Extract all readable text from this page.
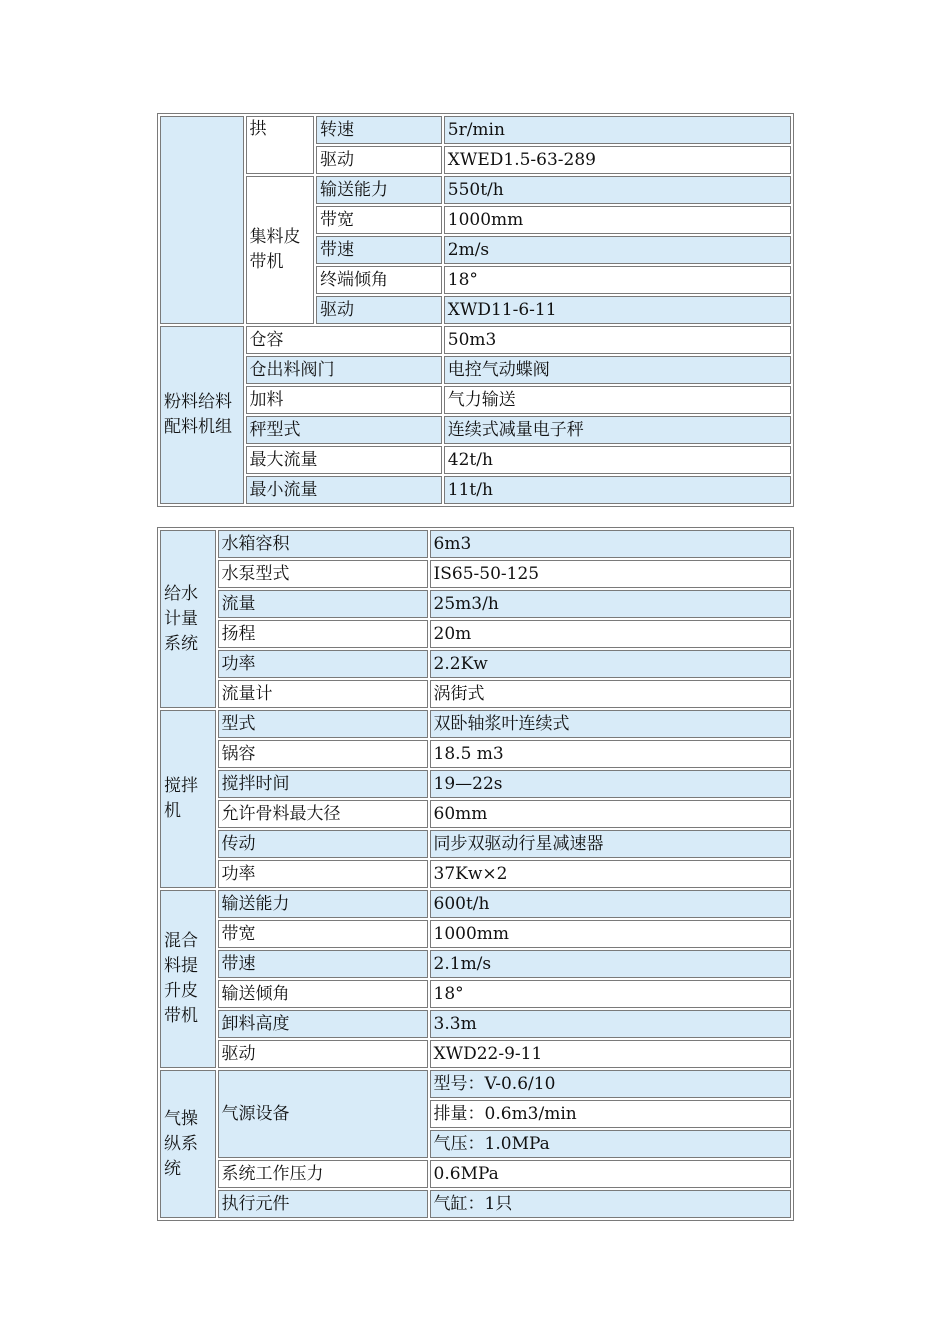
	拱	转速	5r/min
		驱动	XWED1.5-63-289
	集料皮带机	输送能力	550t/h
		带宽	1000mm
		带速	2m/s
		终端倾角	18°
		驱动	XWD11-6-11
粉料给料配料机组	仓容		50m3
	仓出料阀门		电控气动蝶阀
	加料		气力输送
	秤型式		连续式减量电子秤
	最大流量		42t/h
	最小流量		11t/h
给水计量系统	水箱容积	6m3
	水泵型式	IS65-50-125
	流量	25m3/h
	扬程	20m
	功率	2.2Kw
	流量计	涡街式
搅拌机	型式	双卧轴浆叶连续式
	锅容	18.5 m3
	搅拌时间	19—22s
	允许骨料最大径	60mm
	传动	同步双驱动行星减速器
	功率	37Kw×2
混合料提升皮带机	输送能力	600t/h
	带宽	1000mm
	带速	2.1m/s
	输送倾角	18°
	卸料高度	3.3m
	驱动	XWD22-9-11
气操纵系统	气源设备	型号：V-0.6/10
		排量：0.6m3/min
		气压：1.0MPa
	系统工作压力	0.6MPa
	执行元件	气缸：1只
